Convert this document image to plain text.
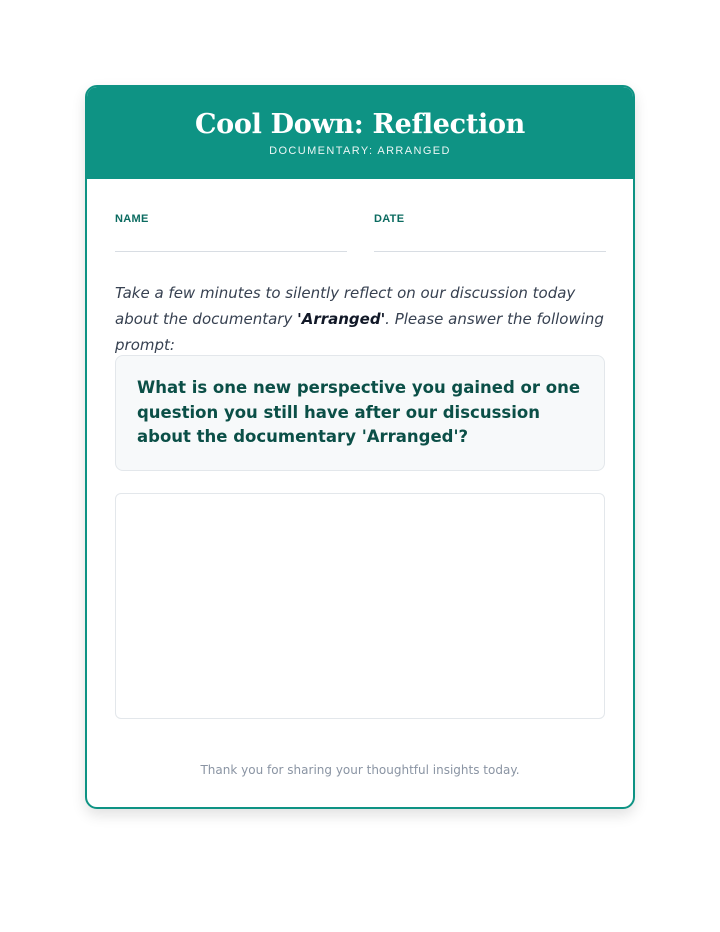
Cool Down: Reflection
DOCUMENTARY: ARRANGED
NAME	DATE
Take a few minutes to silently reflect on our discussion today about the documentary 'Arranged'. Please answer the following prompt:
What is one new perspective you gained or one question you still have after our discussion about the documentary 'Arranged'?
Thank you for sharing your thoughtful insights today.
